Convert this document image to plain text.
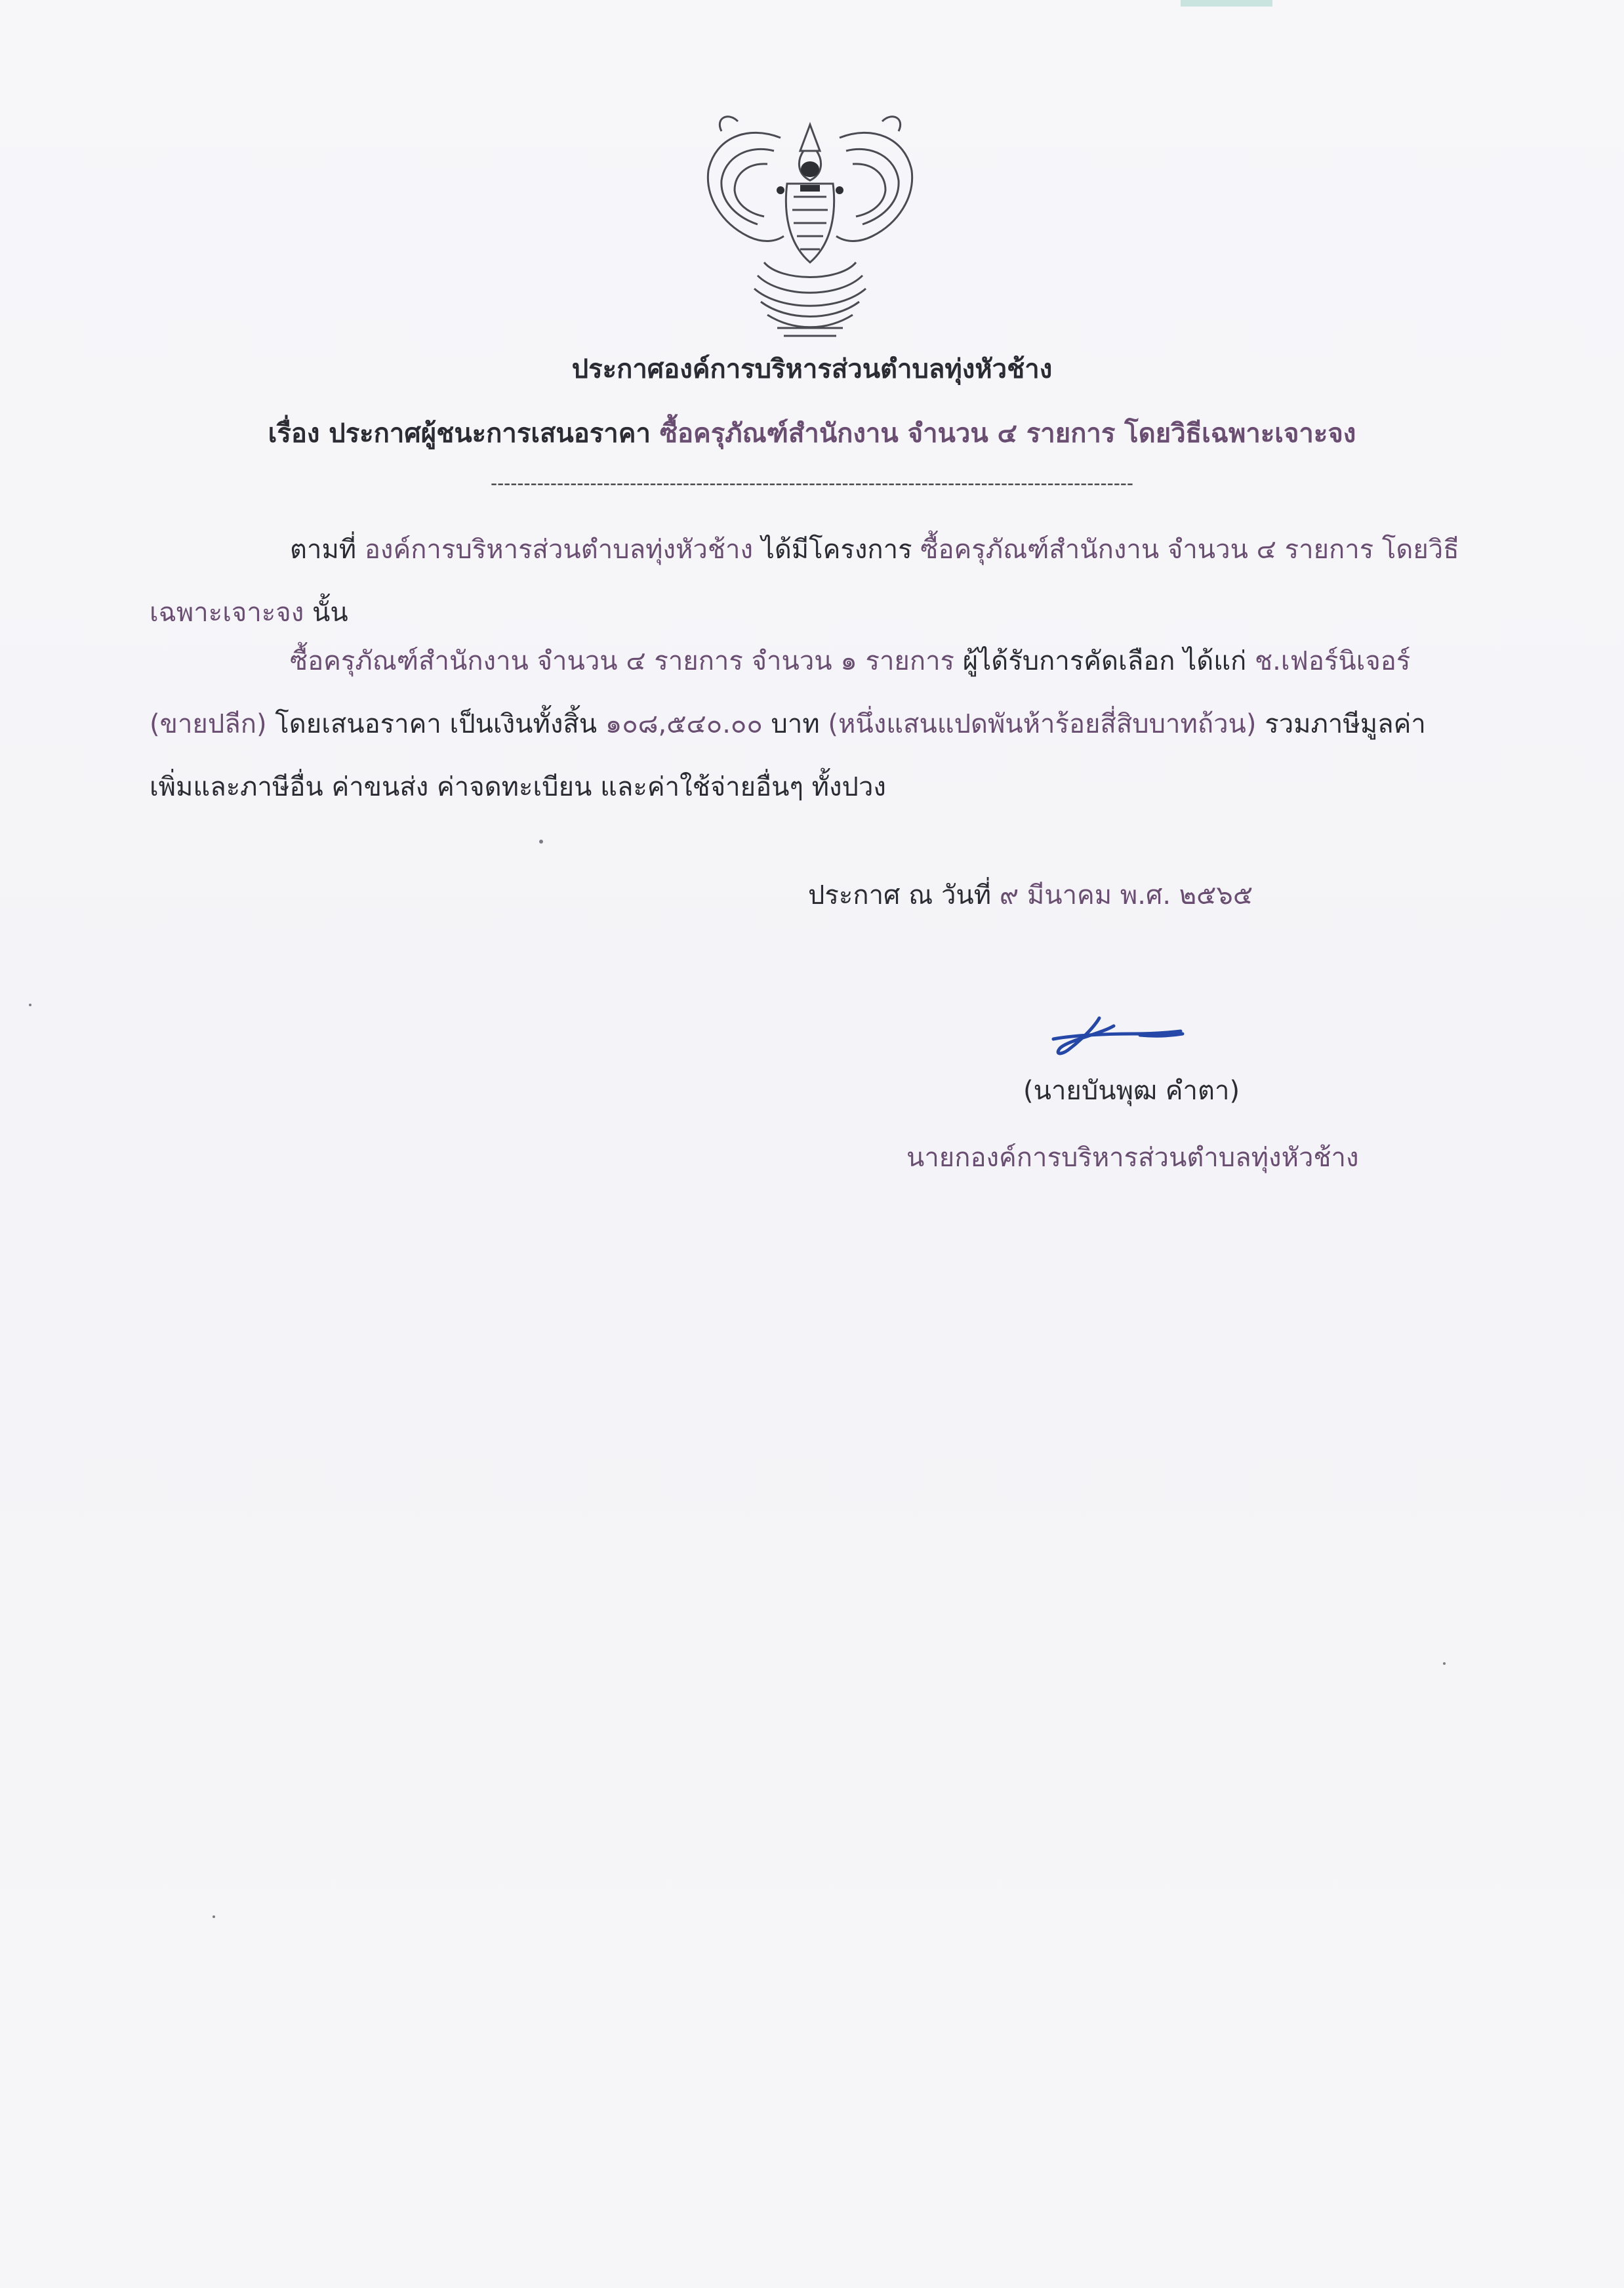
ประกาศองค์การบริหารส่วนตำบลทุ่งหัวช้าง
เรื่อง ประกาศผู้ชนะการเสนอราคา ซื้อครุภัณฑ์สำนักงาน จำนวน ๔ รายการ โดยวิธีเฉพาะเจาะจง
-------------------------------------------------------------------------------------------------
ตามที่ องค์การบริหารส่วนตำบลทุ่งหัวช้าง ได้มีโครงการ ซื้อครุภัณฑ์สำนักงาน จำนวน ๔ รายการ โดยวิธี
เฉพาะเจาะจง นั้น
ซื้อครุภัณฑ์สำนักงาน จำนวน ๔ รายการ จำนวน ๑ รายการ ผู้ได้รับการคัดเลือก ได้แก่ ช.เฟอร์นิเจอร์
(ขายปลีก) โดยเสนอราคา เป็นเงินทั้งสิ้น ๑๐๘,๕๔๐.๐๐ บาท (หนึ่งแสนแปดพันห้าร้อยสี่สิบบาทถ้วน) รวมภาษีมูลค่า
เพิ่มและภาษีอื่น ค่าขนส่ง ค่าจดทะเบียน และค่าใช้จ่ายอื่นๆ ทั้งปวง
ประกาศ ณ วันที่ ๙ มีนาคม พ.ศ. ๒๕๖๕
(นายบันพุฒ คำตา)
นายกองค์การบริหารส่วนตำบลทุ่งหัวช้าง
